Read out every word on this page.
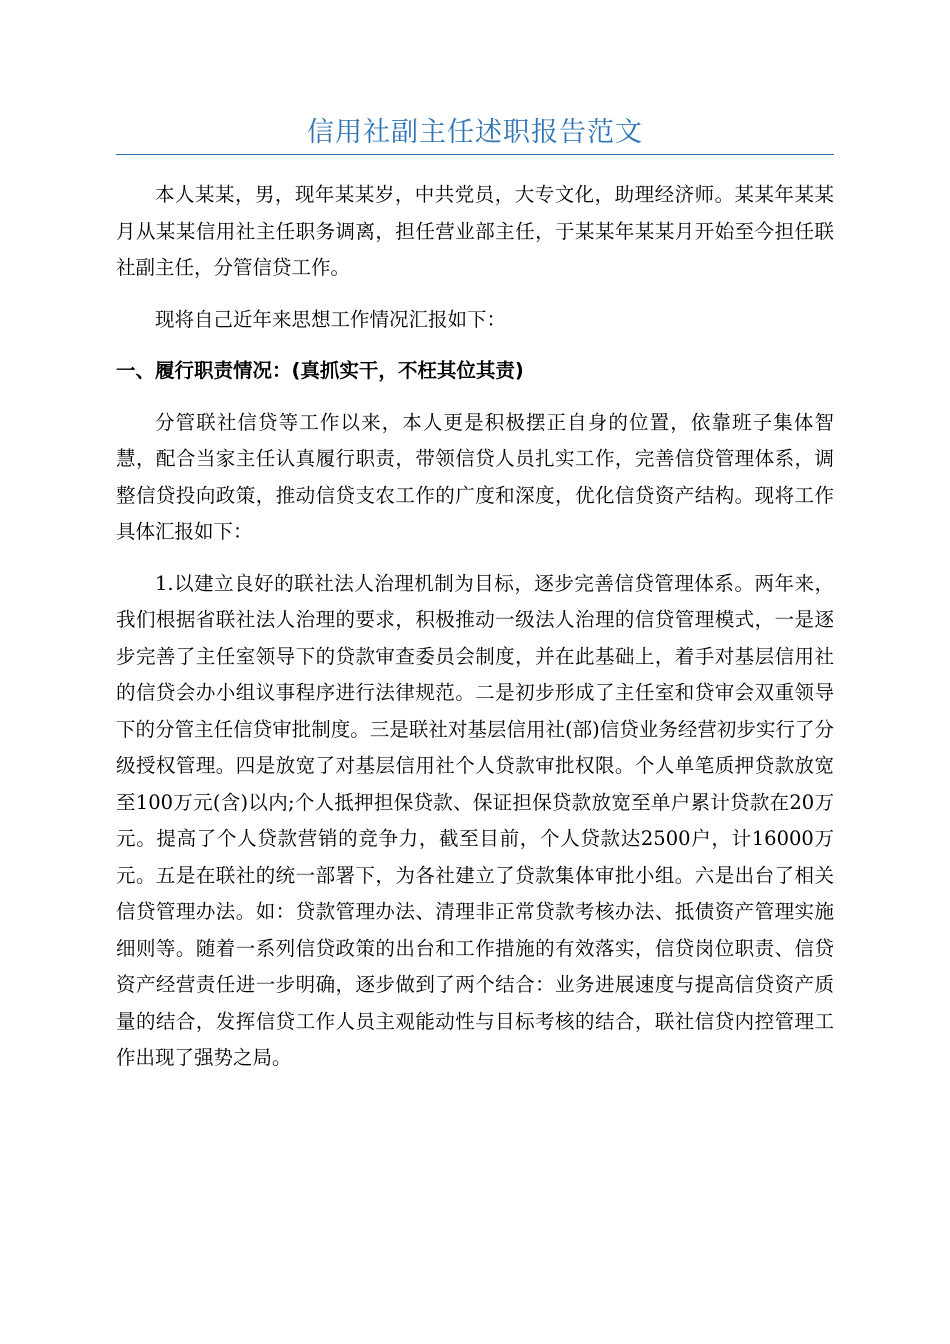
信用社副主任述职报告范文

本人某某，男，现年某某岁，中共党员，大专文化，助理经济师。某某年某某月从某某信用社主任职务调离，担任营业部主任，于某某年某某月开始至今担任联社副主任，分管信贷工作。

现将自己近年来思想工作情况汇报如下：

一、履行职责情况：(真抓实干，不枉其位其责)

分管联社信贷等工作以来，本人更是积极摆正自身的位置，依靠班子集体智慧，配合当家主任认真履行职责，带领信贷人员扎实工作，完善信贷管理体系，调整信贷投向政策，推动信贷支农工作的广度和深度，优化信贷资产结构。现将工作具体汇报如下：

1.以建立良好的联社法人治理机制为目标，逐步完善信贷管理体系。两年来，我们根据省联社法人治理的要求，积极推动一级法人治理的信贷管理模式，一是逐步完善了主任室领导下的贷款审查委员会制度，并在此基础上，着手对基层信用社的信贷会办小组议事程序进行法律规范。二是初步形成了主任室和贷审会双重领导下的分管主任信贷审批制度。三是联社对基层信用社(部)信贷业务经营初步实行了分级授权管理。四是放宽了对基层信用社个人贷款审批权限。个人单笔质押贷款放宽至100万元(含)以内;个人抵押担保贷款、保证担保贷款放宽至单户累计贷款在20万元。提高了个人贷款营销的竞争力，截至目前，个人贷款达2500户，计16000万元。五是在联社的统一部署下，为各社建立了贷款集体审批小组。六是出台了相关信贷管理办法。如：贷款管理办法、清理非正常贷款考核办法、抵债资产管理实施细则等。随着一系列信贷政策的出台和工作措施的有效落实，信贷岗位职责、信贷资产经营责任进一步明确，逐步做到了两个结合：业务进展速度与提高信贷资产质量的结合，发挥信贷工作人员主观能动性与目标考核的结合，联社信贷内控管理工作出现了强势之局。
